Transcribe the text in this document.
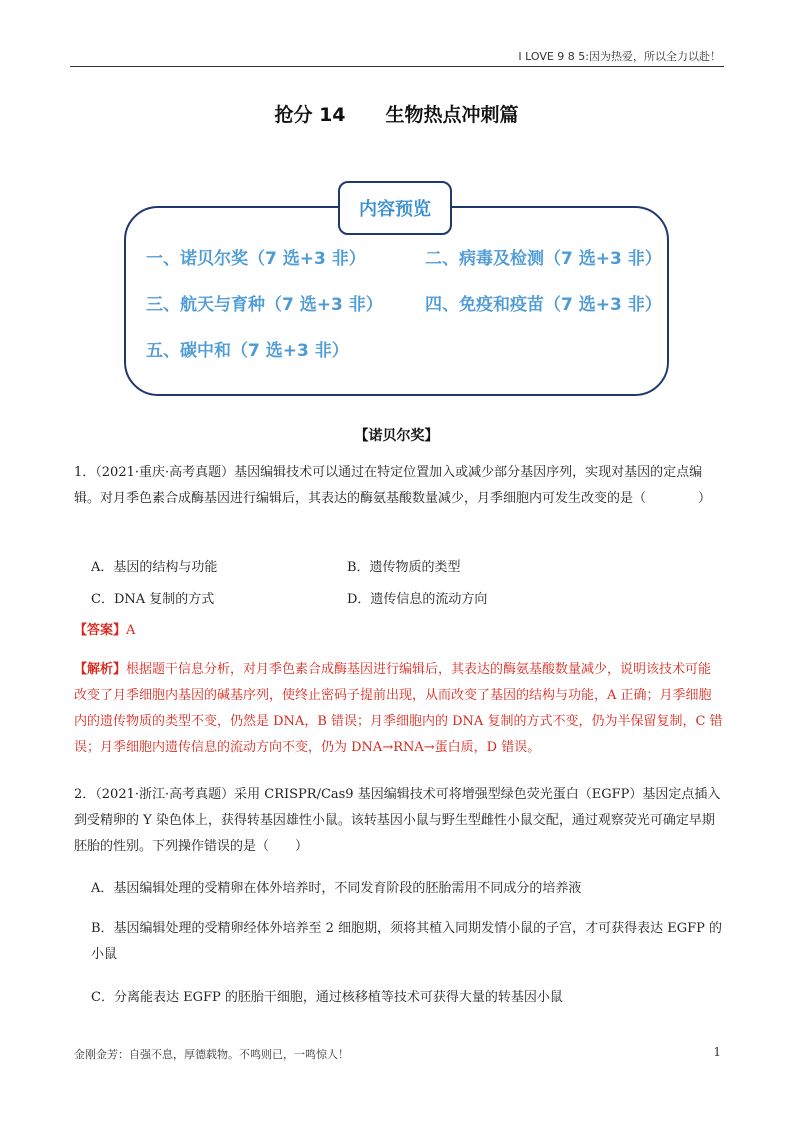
I LOVE 9 8 5:因为热爱，所以全力以赴！
抢分 14 生物热点冲刺篇
内容预览
一、诺贝尔奖（7 选+3 非）	二、病毒及检测（7 选+3 非）
三、航天与育种（7 选+3 非） 四、免疫和疫苗（7 选+3 非）
五、碳中和（7 选+3 非）
【诺贝尔奖】
1．（2021·重庆·高考真题）基因编辑技术可以通过在特定位置加入或减少部分基因序列，实现对基因的定点编辑。对月季色素合成酶基因进行编辑后，其表达的酶氨基酸数量减少，月季细胞内可发生改变的是（　　　　）
A．基因的结构与功能	B．遗传物质的类型
C．DNA 复制的方式	D．遗传信息的流动方向
【答案】A
【解析】根据题干信息分析，对月季色素合成酶基因进行编辑后，其表达的酶氨基酸数量减少，说明该技术可能改变了月季细胞内基因的碱基序列，使终止密码子提前出现，从而改变了基因的结构与功能，A 正确；月季细胞内的遗传物质的类型不变，仍然是 DNA，B 错误；月季细胞内的 DNA 复制的方式不变，仍为半保留复制，C 错误；月季细胞内遗传信息的流动方向不变，仍为 DNA→RNA→蛋白质，D 错误。
2．（2021·浙江·高考真题）采用 CRISPR/Cas9 基因编辑技术可将增强型绿色荧光蛋白（EGFP）基因定点插入到受精卵的 Y 染色体上，获得转基因雄性小鼠。该转基因小鼠与野生型雌性小鼠交配，通过观察荧光可确定早期胚胎的性别。下列操作错误的是（　　）
A．基因编辑处理的受精卵在体外培养时，不同发育阶段的胚胎需用不同成分的培养液
B．基因编辑处理的受精卵经体外培养至 2 细胞期，须将其植入同期发情小鼠的子宫，才可获得表达 EGFP 的小鼠
C．分离能表达 EGFP 的胚胎干细胞，通过核移植等技术可获得大量的转基因小鼠
金刚金芳：自强不息，厚德载物。不鸣则已，一鸣惊人！	1
